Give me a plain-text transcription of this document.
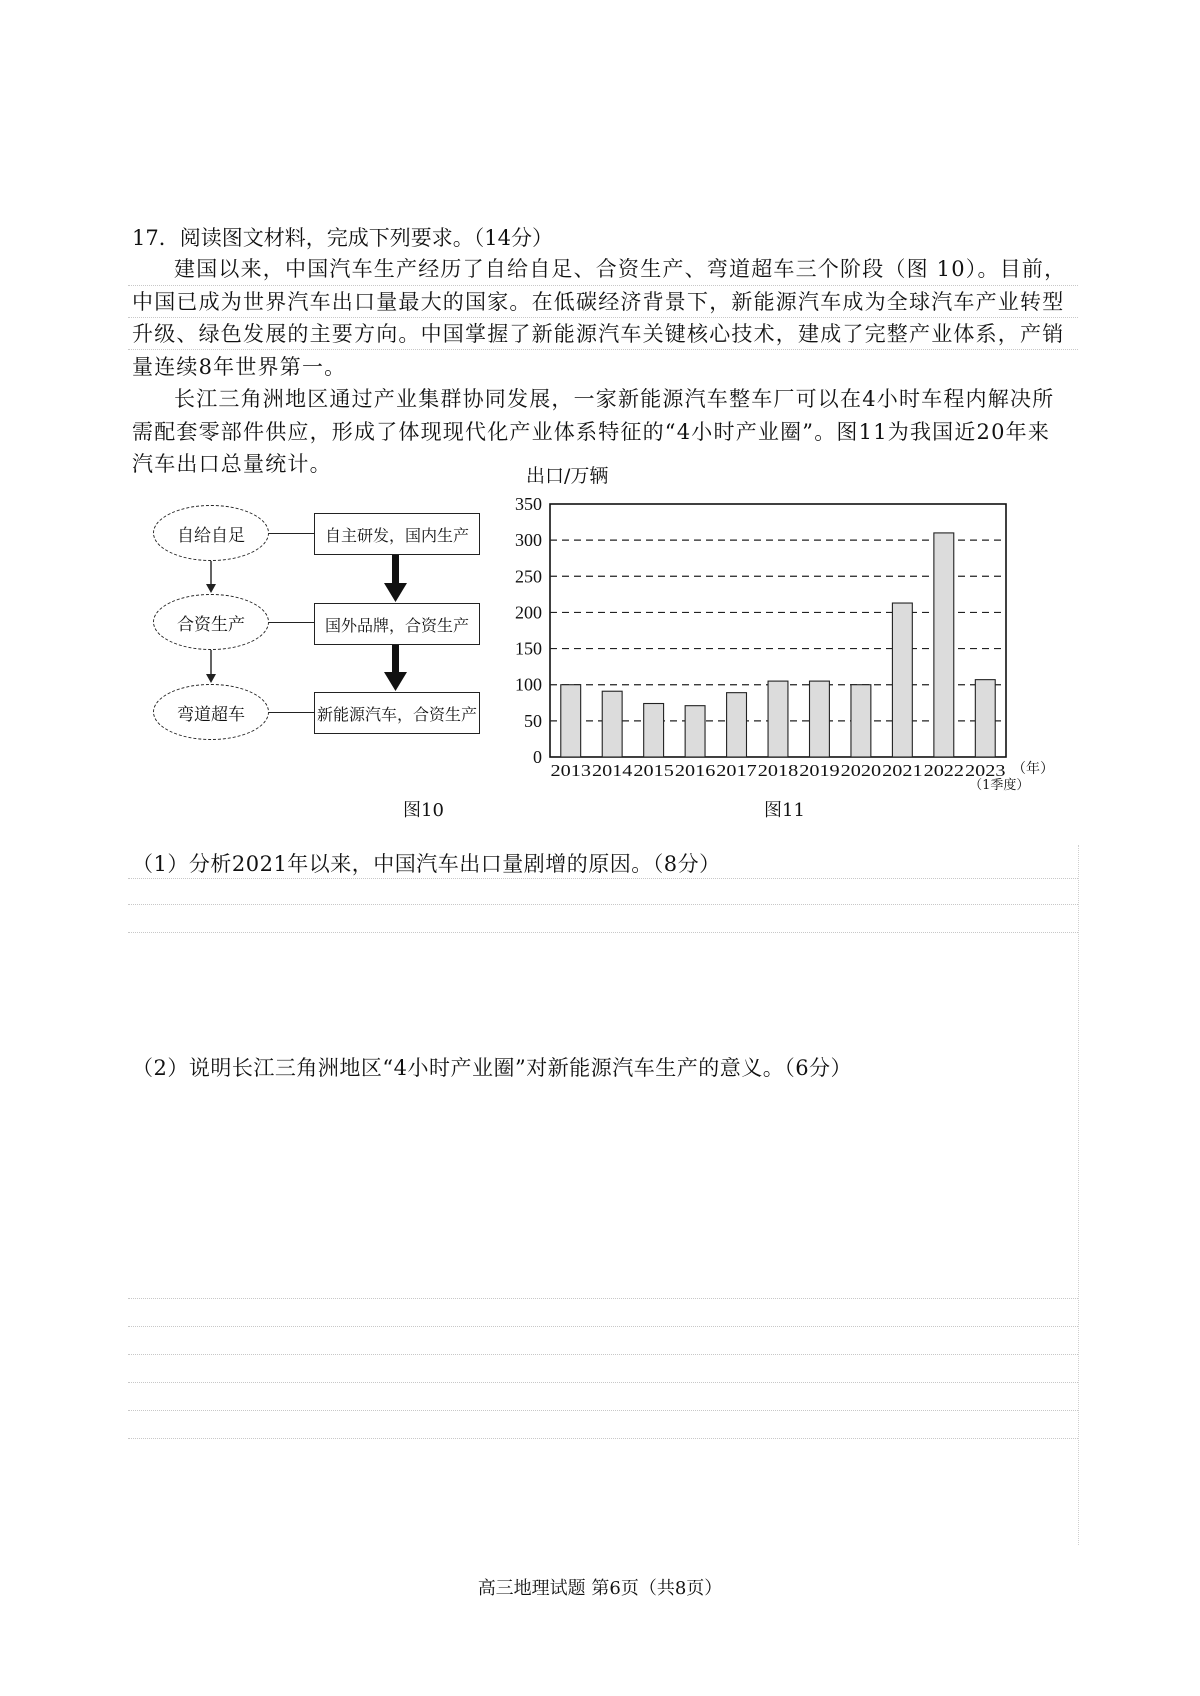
17．阅读图文材料，完成下列要求。（14分）

建国以来，中国汽车生产经历了自给自足、合资生产、弯道超车三个阶段（图 10）。目前，中国已成为世界汽车出口量最大的国家。在低碳经济背景下，新能源汽车成为全球汽车产业转型升级、绿色发展的主要方向。中国掌握了新能源汽车关键核心技术，建成了完整产业体系，产销量连续8年世界第一。

长江三角洲地区通过产业集群协同发展，一家新能源汽车整车厂可以在4小时车程内解决所需配套零部件供应，形成了体现现代化产业体系特征的“4小时产业圈”。图11为我国近20年来汽车出口总量统计。

自给自足
合资生产
弯道超车
自主研发，国内生产
国外品牌，合资生产
新能源汽车，合资生产
图10
出口/万辆
0
50
100
150
200
250
300
350
2013 2014 2015 2016 2017 2018 2019 2020 2021 2022 2023 （年）
（1季度）
图11
（1）分析2021年以来，中国汽车出口量剧增的原因。（8分）
（2）说明长江三角洲地区“4小时产业圈”对新能源汽车生产的意义。（6分）
高三地理试题 第6页（共8页）
